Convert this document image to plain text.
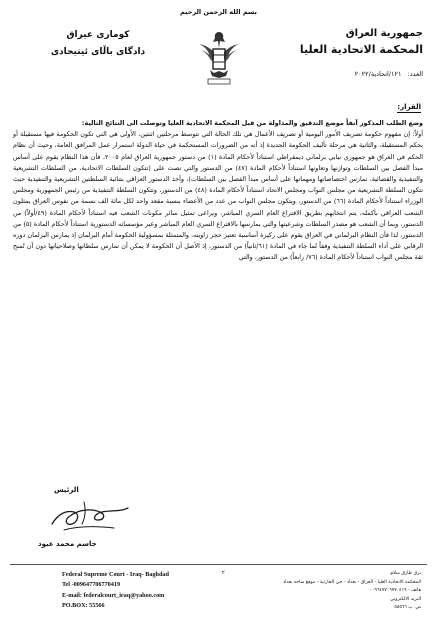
بسم الله الرحمن الرحيم
جمهورية العراق
المحكمة الاتحادية العليا
العدد: ١٢١/اتحادية/٢٠٢٢
كوماری عیراق
دادگای باڵای ئیتیحادی
القرار:

وضع الطلب المذكور آنفاً موضع التدقيق والمداولة من قبل المحكمة الاتحادية العليا وتوصلت الى النتائج التالية:

أولاً: إن مفهوم حكومة تصريف الأمور اليومية أو تصريف الأعمال هي تلك الحالة التي تتوسط مرحلتين اثنتين، الأولى هي التي تكون الحكومة فيها مستقيلة أو بحكم المستقيلة، والثانية هي مرحلة تأليف الحكومة الجديدة إذ أنه من الضرورات المستحكمة في حياة الدولة استمرار عمل المرافق العامة، وحيث أن نظام الحكم في العراق هو جمهوري نيابي برلماني ديمقراطي استناداً لأحكام المادة (١) من دستور جمهورية العراق لعام ٢٠٠٥، فأن هذا النظام يقوم على أساس مبدأ الفصل بين السلطات وتوازنها وتعاونها استناداً لأحكام المادة (٤٧) من الدستور والتي نصت على (تتكون السلطات الاتحادية، من السلطات التشريعية والتنفيذية والقضائية، تمارس اختصاصاتها ومهماتها على أساس مبدأ الفصل بين السلطات)، وأخذ الدستور العراقي بثنائية السلطتين التشريعية والتنفيذية حيث تتكون السلطة التشريعية من مجلس النواب ومجلس الاتحاد استناداً لأحكام المادة (٤٨) من الدستور، وتتكون السلطة التنفيذية من رئيس الجمهورية ومجلس الوزراء استناداً لأحكام المادة (٦٦) من الدستور، ويتكون مجلس النواب من عدد من الأعضاء بنسبة مقعد واحد لكل مائة الف نسمة من نفوس العراق يمثلون الشعب العراقي بأكمله، يتم انتخابهم بطريق الاقتراع العام السري المباشر، ويراعى تمثيل سائر مكونات الشعب فيه استناداً لأحكام المادة (٤٩/أولاً) من الدستور، وبما أن الشعب هو مصدر السلطات وشرعيتها والتي يمارسها بالاقتراع السري العام المباشر وعبر مؤسساته الدستورية استناداً لأحكام المادة (٥) من الدستور، لذا فأن النظام البرلماني في العراق يقوم على ركيزة أساسية تعتبر حجر زاويته، والمتمثلة بمسؤولية الحكومة أمام البرلمان إذ يمارس البرلمان دوره الرقابي على أداء السلطة التنفيذية وفقاً لما جاء في المادة (٦١/ثانياً) من الدستور، إذ الأصل أن الحكومة لا يمكن أن تمارس سلطاتها وصلاحياتها دون أن تُمنح ثقة مجلس النواب استناداً لأحكام المادة (٧٦/ رابعاً) من الدستور، والتي

الرئيس
جاسم محمد عبود
Federal Supreme Court - Iraq- Baghdad
Tel -009647706770419
E-mail: federalcourt_iraq@yahoo.com
PO.BOX: 55566
٢	برق طارق سلام
المحكمة الاتحادية العليا - العراق - بغداد - حي الحارثية - موقع ساحة بغداد
هاتف - ٠٠٩٦٤٧٧٠٦٧٧٠٤١٩
البريد الالكتروني
ص. ب ٥٥٥٦٦
